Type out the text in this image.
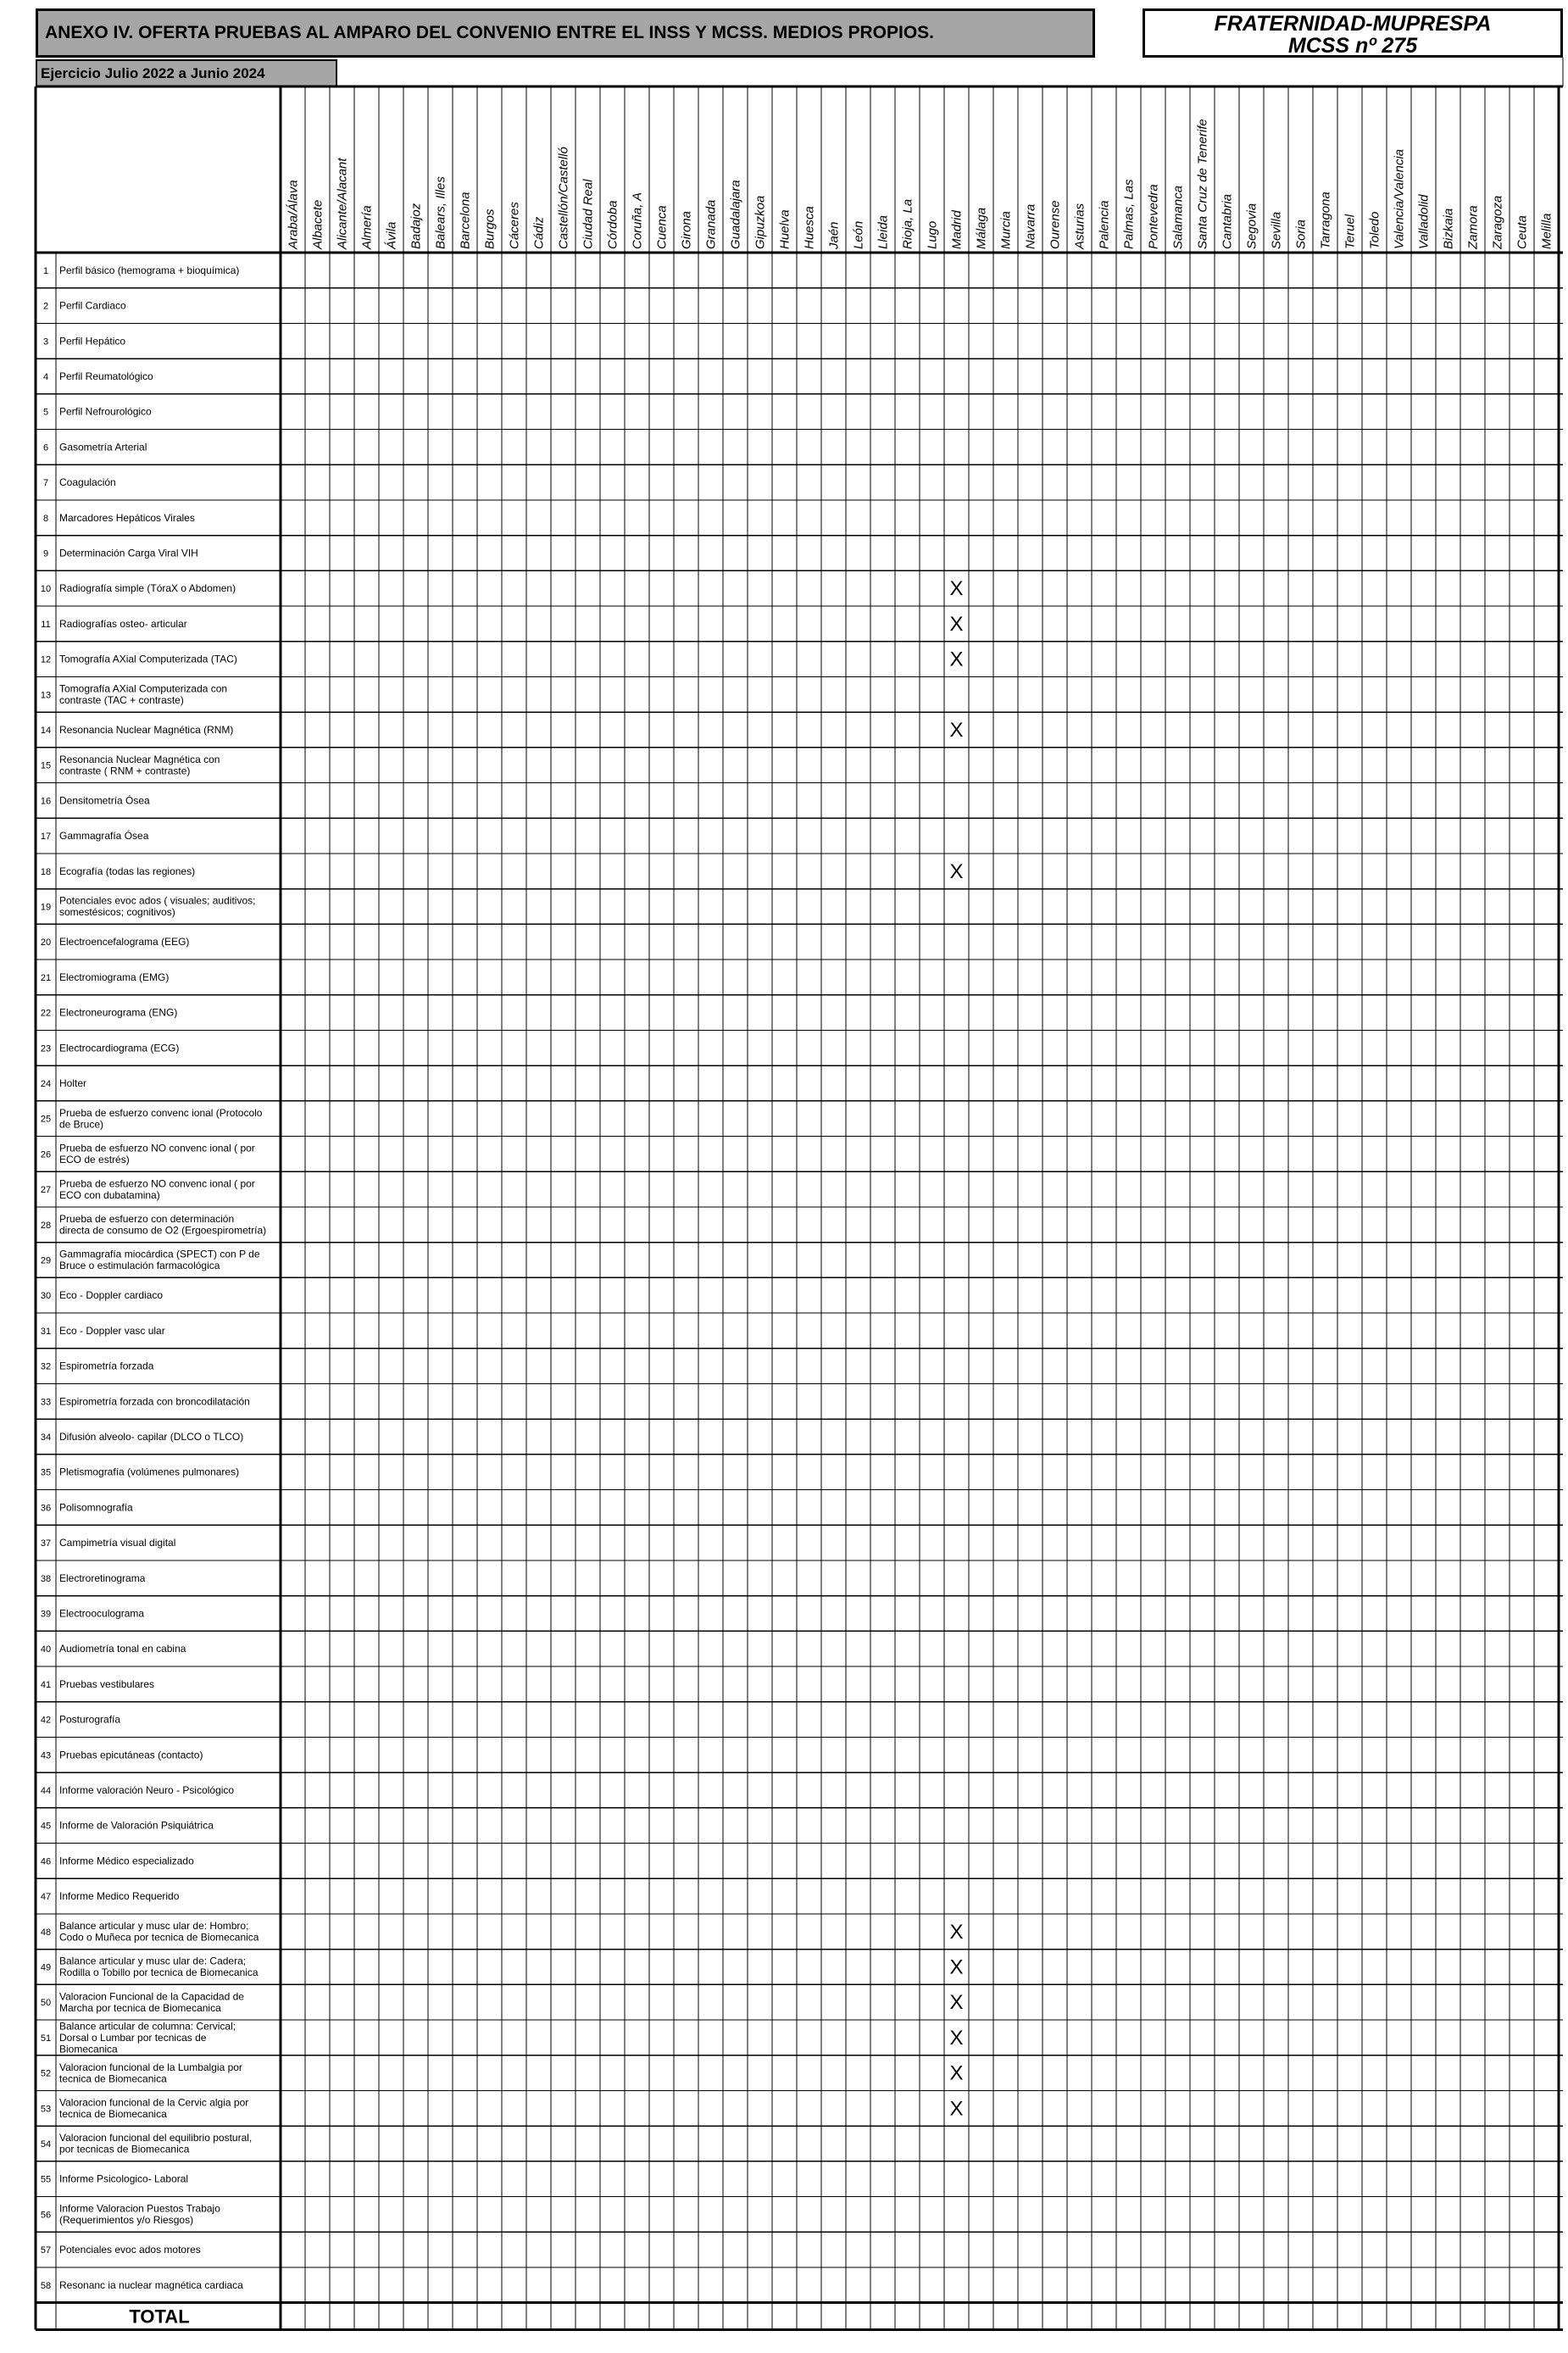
ANEXO IV. OFERTA PRUEBAS AL AMPARO DEL CONVENIO ENTRE EL INSS Y MCSS. MEDIOS PROPIOS.	FRATERNIDAD-MUPRESPA
MCSS nº 275
Ejercicio Julio 2022 a Junio 2024
Araba/Álava Albacete Alicante/Alacant Almería Ávila Badajoz Balears, Illes Barcelona Burgos Cáceres Cádiz Castellón/Castelló Ciudad Real Córdoba Coruña, A Cuenca Girona Granada Guadalajara Gipuzkoa Huelva Huesca Jaén León Lleida Rioja, La Lugo Madrid Málaga Murcia Navarra Ourense Asturias Palencia Palmas, Las Pontevedra Salamanca Santa Cruz de Tenerife Cantabria Segovia Sevilla Soria Tarragona Teruel Toledo Valencia/Valencia Valladolid Bizkaia Zamora Zaragoza Ceuta Melilla
1 Perfil básico (hemograma + bioquímica)
2 Perfil Cardiaco
3 Perfil Hepático
4 Perfil Reumatológico
5 Perfil Nefrourológico
6 Gasometría Arterial
7 Coagulación
8 Marcadores Hepáticos Virales
9 Determinación Carga Viral VIH
10 Radiografía simple (TóraX o Abdomen)
11 Radiografías osteo- articular
12 Tomografía AXial Computerizada (TAC)
13
Tomografía AXial Computerizada con
contraste (TAC + contraste)
14 Resonancia Nuclear Magnética (RNM)
15
Resonancia Nuclear Magnética con
contraste ( RNM + contraste)
16 Densitometría Ósea
17 Gammagrafía Ósea
18 Ecografía (todas las regiones)
19
Potenciales evoc ados ( visuales; auditivos;
somestésicos; cognitivos)
20 Electroencefalograma (EEG)
21 Electromiograma (EMG)
22 Electroneurograma (ENG)
23 Electrocardiograma (ECG)
24 Holter
25
Prueba de esfuerzo convenc ional (Protocolo
de Bruce)
26
Prueba de esfuerzo NO convenc ional ( por
ECO de estrés)
27
Prueba de esfuerzo NO convenc ional ( por
ECO con dubatamina)
28
Prueba de esfuerzo con determinación
directa de consumo de O2 (Ergoespirometría)
29
Gammagrafía miocárdica (SPECT) con P de
Bruce o estimulación farmacológica
30 Eco - Doppler cardiaco
31 Eco - Doppler vasc ular
32 Espirometría forzada
33 Espirometría forzada con broncodilatación
34 Difusión alveolo- capilar (DLCO o TLCO)
35 Pletismografía (volúmenes pulmonares)
36 Polisomnografía
37 Campimetría visual digital
38 Electroretinograma
39 Electrooculograma
40 Audiometría tonal en cabina
41 Pruebas vestibulares
42 Posturografía
43 Pruebas epicutáneas (contacto)
44 Informe valoración Neuro - Psicológico
45 Informe de Valoración Psiquiátrica
46 Informe Médico especializado
47 Informe Medico Requerido
48
Balance articular y musc ular de: Hombro;
Codo o Muñeca por tecnica de Biomecanica
49
Balance articular y musc ular de: Cadera;
Rodilla o Tobillo por tecnica de Biomecanica
50
Valoracion Funcional de la Capacidad de
Marcha por tecnica de Biomecanica
51
Balance articular de columna: Cervical;
Dorsal o Lumbar por tecnicas de
Biomecanica
52
Valoracion funcional de la Lumbalgia por
tecnica de Biomecanica
53
Valoracion funcional de la Cervic algia por
tecnica de Biomecanica
54
Valoracion funcional del equilibrio postural,
por tecnicas de Biomecanica
55 Informe Psicologico- Laboral
56
Informe Valoracion Puestos Trabajo
(Requerimientos y/o Riesgos)
57 Potenciales evoc ados motores
58 Resonanc ia nuclear magnética cardiaca
X
X
X
X
X
X
X
X
X
X
X
TOTAL
